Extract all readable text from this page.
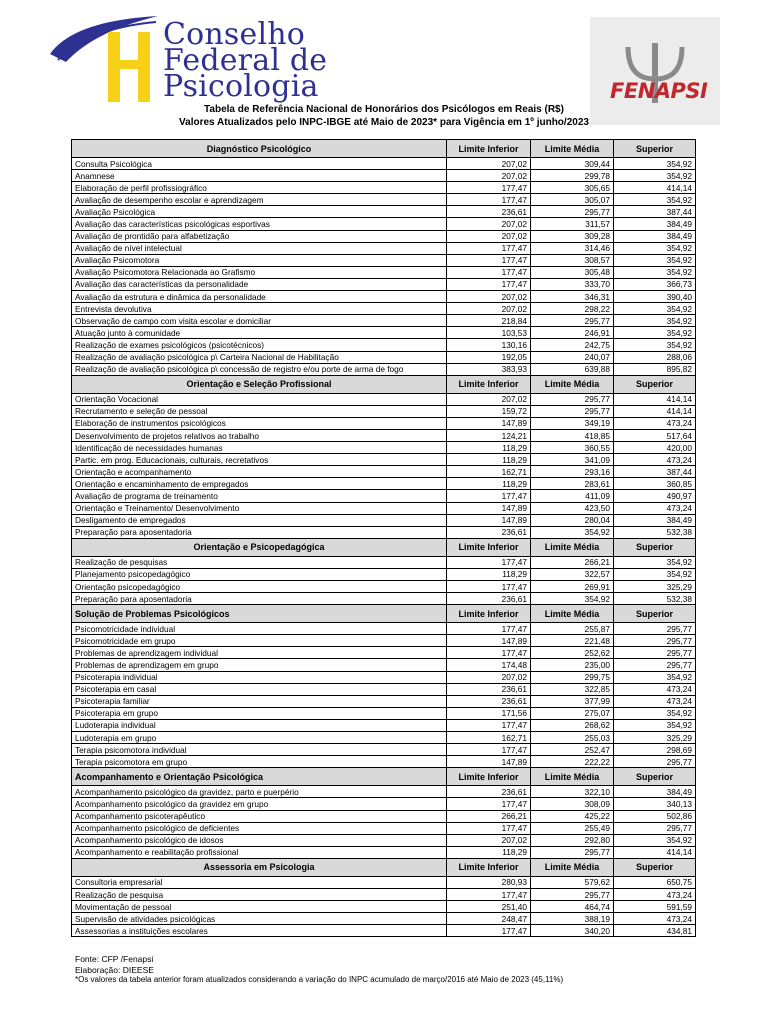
Conselho
Federal de
Psicologia	FENAPSI
Tabela de Referência Nacional de Honorários dos Psicólogos em Reais (R$)
Valores Atualizados pelo INPC-IBGE até Maio de 2023* para Vigência em 1º junho/2023
Diagnóstico Psicológico	Limite Inferior	Limite Média	Superior
Consulta Psicológica	207,02	309,44	354,92
Anamnese	207,02	299,78	354,92
Elaboração de perfil profissiográfico	177,47	305,65	414,14
Avaliação de desempenho escolar e aprendizagem	177,47	305,07	354,92
Avaliação Psicológica	236,61	295,77	387,44
Avaliação das características psicológicas esportivas	207,02	311,57	384,49
Avaliação de prontidão para alfabetização	207,02	309,28	384,49
Avaliação de nível intelectual	177,47	314,46	354,92
Avaliação Psicomotora	177,47	308,57	354,92
Avaliação Psicomotora Relacionada ao Grafismo	177,47	305,48	354,92
Avaliação das características da personalidade	177,47	333,70	366,73
Avaliação da estrutura e dinâmica da personalidade	207,02	346,31	390,40
Entrevista devolutiva	207,02	298,22	354,92
Observação de campo com visita escolar e domiciliar	218,84	295,77	354,92
Atuação junto à comunidade	103,53	246,91	354,92
Realização de exames psicológicos (psicotécnicos)	130,16	242,75	354,92
Realização de avaliação psicológica p\ Carteira Nacional de Habilitação	192,05	240,07	288,06
Realização de avaliação psicológica p\ concessão de registro e/ou porte de arma de fogo	383,93	639,88	895,82
Orientação e Seleção Profissional	Limite Inferior	Limite Média	Superior
Orientação Vocacional	207,02	295,77	414,14
Recrutamento e seleção de pessoal	159,72	295,77	414,14
Elaboração de instrumentos psicológicos	147,89	349,19	473,24
Desenvolvimento de projetos relativos ao trabalho	124,21	418,85	517,64
Identificação de necessidades humanas	118,29	360,55	420,00
Partic. em prog. Educacionais, culturais, recretativos	118,29	341,09	473,24
Orientação e acompanhamento	162,71	293,16	387,44
Orientação e encaminhamento de empregados	118,29	283,61	360,85
Avaliação de programa de treinamento	177,47	411,09	490,97
Orientação e Treinamento/ Desenvolvimento	147,89	423,50	473,24
Desligamento de empregados	147,89	280,04	384,49
Preparação para aposentadoria	236,61	354,92	532,38
Orientação e Psicopedagógica	Limite Inferior	Limite Média	Superior
Realização de pesquisas	177,47	266,21	354,92
Planejamento psicopedagógico	118,29	322,57	354,92
Orientação psicopedagógico	177,47	269,91	325,29
Preparação para aposentadoria	236,61	354,92	532,38
Solução de Problemas Psicológicos	Limite Inferior	Limite Média	Superior
Psicomotricidade individual	177,47	255,87	295,77
Psicomotricidade em grupo	147,89	221,48	295,77
Problemas de aprendizagem individual	177,47	252,62	295,77
Problemas de aprendizagem em grupo	174,48	235,00	295,77
Psicoterapia individual	207,02	299,75	354,92
Psicoterapia em casal	236,61	322,85	473,24
Psicoterapia familiar	236,61	377,99	473,24
Psicoterapia em grupo	171,56	275,07	354,92
Ludoterapia individual	177,47	268,62	354,92
Ludoterapia em grupo	162,71	255,03	325,29
Terapia psicomotora individual	177,47	252,47	298,69
Terapia psicomotora em grupo	147,89	222,22	295,77
Acompanhamento e Orientação Psicológica	Limite Inferior	Limite Média	Superior
Acompanhamento psicológico da gravidez, parto e puerpério	236,61	322,10	384,49
Acompanhamento psicológico da gravidez em grupo	177,47	308,09	340,13
Acompanhamento psicoterapêutico	266,21	425,22	502,86
Acompanhamento psicológico de deficientes	177,47	255,49	295,77
Acompanhamento psicológico de idosos	207,02	292,80	354,92
Acompanhamento e reabilitação profissional	118,29	295,77	414,14
Assessoria em Psicologia	Limite Inferior	Limite Média	Superior
Consultoria empresarial	280,93	579,62	650,75
Realização de pesquisa	177,47	295,77	473,24
Movimentação de pessoal	251,40	464,74	591,59
Supervisão de atividades psicológicas	248,47	388,19	473,24
Assessorias a instituições escolares	177,47	340,20	434,81
Fonte: CFP /Fenapsi
Elaboração: DIEESE
*Os valores da tabela anterior foram atualizados considerando a variação do INPC acumulado de março/2016 até Maio de 2023 (45,11%)
